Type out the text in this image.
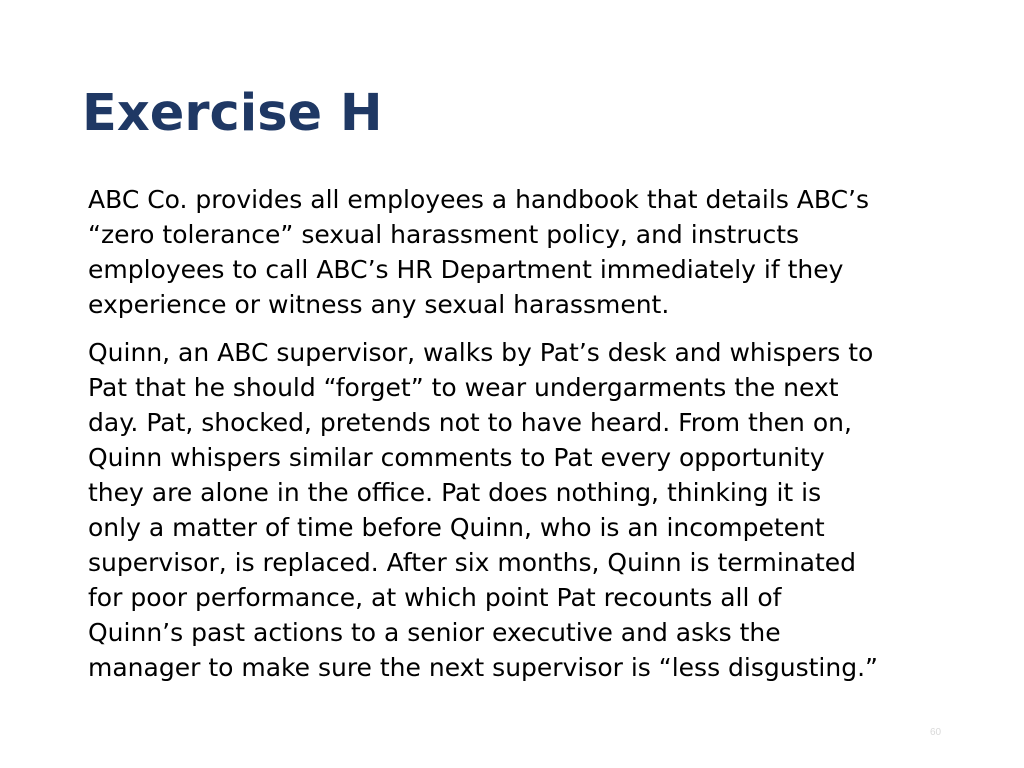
Exercise H

ABC Co. provides all employees a handbook that details ABC’s
“zero tolerance” sexual harassment policy, and instructs
employees to call ABC’s HR Department immediately if they
experience or witness any sexual harassment.

Quinn, an ABC supervisor, walks by Pat’s desk and whispers to
Pat that he should “forget” to wear undergarments the next
day. Pat, shocked, pretends not to have heard. From then on,
Quinn whispers similar comments to Pat every opportunity
they are alone in the office. Pat does nothing, thinking it is
only a matter of time before Quinn, who is an incompetent
supervisor, is replaced. After six months, Quinn is terminated
for poor performance, at which point Pat recounts all of
Quinn’s past actions to a senior executive and asks the
manager to make sure the next supervisor is “less disgusting.”

60
